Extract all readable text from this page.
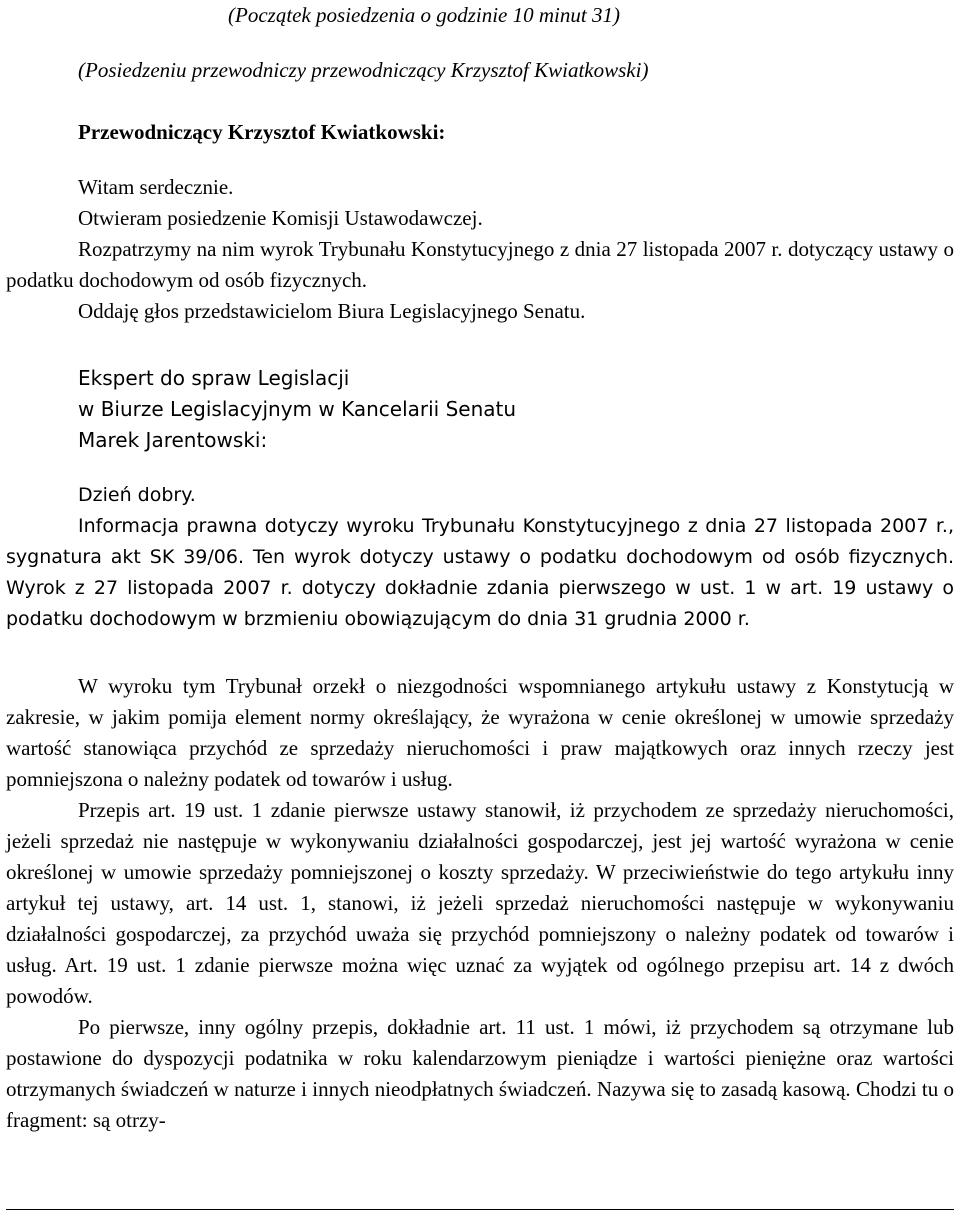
(Początek posiedzenia o godzinie 10 minut 31)

(Posiedzeniu przewodniczy przewodniczący Krzysztof Kwiatkowski)

Przewodniczący Krzysztof Kwiatkowski:

Witam serdecznie.
Otwieram posiedzenie Komisji Ustawodawczej.
Rozpatrzymy na nim wyrok Trybunału Konstytucyjnego z dnia 27 listopada 2007 r. dotyczący ustawy o podatku dochodowym od osób fizycznych.
Oddaję głos przedstawicielom Biura Legislacyjnego Senatu.
Ekspert do spraw Legislacji
w Biurze Legislacyjnym w Kancelarii Senatu
Marek Jarentowski:
Dzień dobry.
Informacja prawna dotyczy wyroku Trybunału Konstytucyjnego z dnia 27 listopada 2007 r., sygnatura akt SK 39/06. Ten wyrok dotyczy ustawy o podatku dochodowym od osób fizycznych. Wyrok z 27 listopada 2007 r. dotyczy dokładnie zdania pierwszego w ust. 1 w art. 19 ustawy o podatku dochodowym w brzmieniu obowiązującym do dnia 31 grudnia 2000 r.
W wyroku tym Trybunał orzekł o niezgodności wspomnianego artykułu ustawy z Konstytucją w zakresie, w jakim pomija element normy określający, że wyrażona w cenie określonej w umowie sprzedaży wartość stanowiąca przychód ze sprzedaży nieruchomości i praw majątkowych oraz innych rzeczy jest pomniejszona o należny podatek od towarów i usług.
Przepis art. 19 ust. 1 zdanie pierwsze ustawy stanowił, iż przychodem ze sprzedaży nieruchomości, jeżeli sprzedaż nie następuje w wykonywaniu działalności gospodarczej, jest jej wartość wyrażona w cenie określonej w umowie sprzedaży pomniejszonej o koszty sprzedaży. W przeciwieństwie do tego artykułu inny artykuł tej ustawy, art. 14 ust. 1, stanowi, iż jeżeli sprzedaż nieruchomości następuje w wykonywaniu działalności gospodarczej, za przychód uważa się przychód pomniejszony o należny podatek od towarów i usług. Art. 19 ust. 1 zdanie pierwsze można więc uznać za wyjątek od ogólnego przepisu art. 14 z dwóch powodów.
Po pierwsze, inny ogólny przepis, dokładnie art. 11 ust. 1 mówi, iż przychodem są otrzymane lub postawione do dyspozycji podatnika w roku kalendarzowym pieniądze i wartości pieniężne oraz wartości otrzymanych świadczeń w naturze i innych nieodpłatnych świadczeń. Nazywa się to zasadą kasową. Chodzi tu o fragment: są otrzy-
